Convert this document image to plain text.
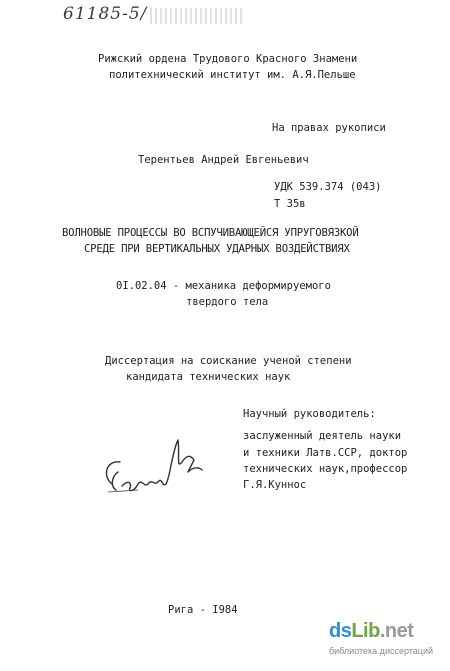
61185-5/
Рижский ордена Трудового Красного Знамени
политехнический институт им. А.Я.Пельше
На правах рукописи
Терентьев Андрей Евгеньевич
УДК 539.374 (043)
Т 35в
ВОЛНОВЫЕ ПРОЦЕССЫ ВО ВСПУЧИВАЮЩЕЙСЯ УПРУГОВЯЗКОЙ
СРЕДЕ ПРИ ВЕРТИКАЛЬНЫХ УДАРНЫХ ВОЗДЕЙСТВИЯХ
0I.02.04 - механика деформируемого
твердого тела
Диссертация на соискание ученой степени
кандидата технических наук
Научный руководитель:
заслуженный деятель науки
и техники Латв.ССР, доктор
технических наук,профессор
Г.Я.Куннос
Рига - I984
dsLib.net
библиотека диссертаций
